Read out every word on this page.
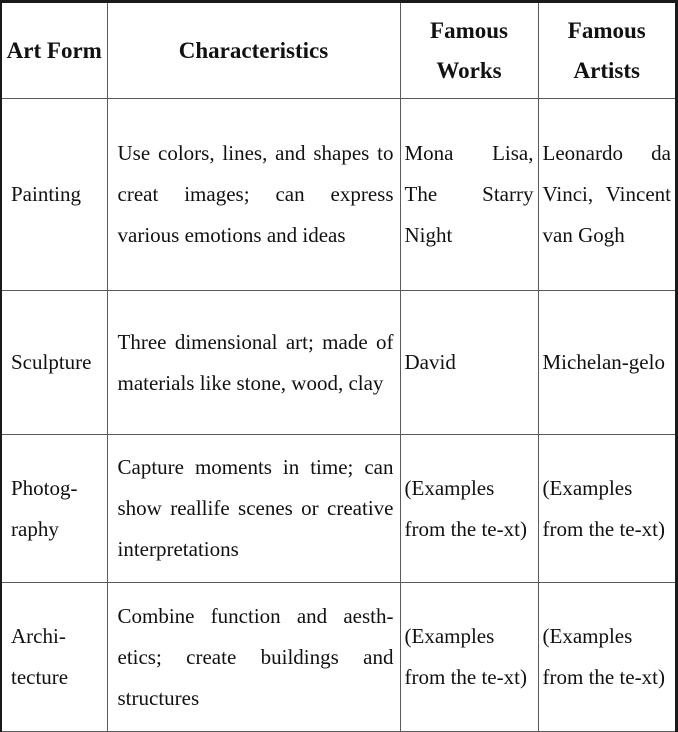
Art Form	Characteristics	Famous Works	Famous Artists
Painting	Use colors, lines, and shapes to creat images; can express various emotions and ideas	Mona Lisa, The Starry Night	Leonardo da Vinci, Vincent van Gogh
Sculpture	Three dimensional art; made of materials like stone, wood, clay	David	Michelan-gelo
Photog-raphy	Capture moments in time; can show reallife scenes or creative interpretations	(Examples from the te-xt)	(Examples from the te-xt)
Archi-tecture	Combine function and aesth-etics; create buildings and structures	(Examples from the te-xt)	(Examples from the te-xt)
